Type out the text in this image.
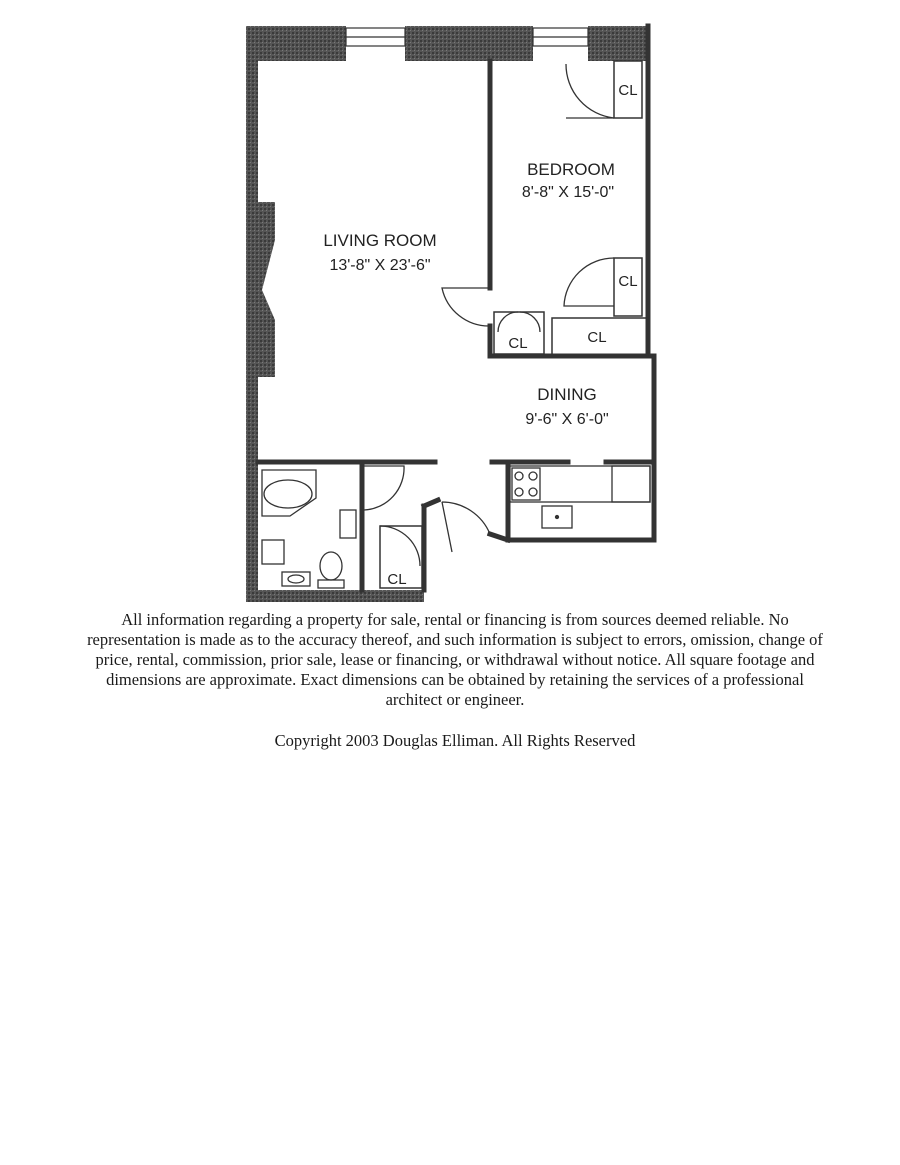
LIVING ROOM
13'-8" X 23'-6"
BEDROOM
8'-8" X 15'-0"
DINING
9'-6" X 6'-0"
CL
CL
CL
CL
CL

All information regarding a property for sale, rental or financing is from sources deemed reliable. No representation is made as to the accuracy thereof, and such information is subject to errors, omission, change of price, rental, commission, prior sale, lease or financing, or withdrawal without notice. All square footage and dimensions are approximate. Exact dimensions can be obtained by retaining the services of a professional architect or engineer.

Copyright 2003 Douglas Elliman. All Rights Reserved
